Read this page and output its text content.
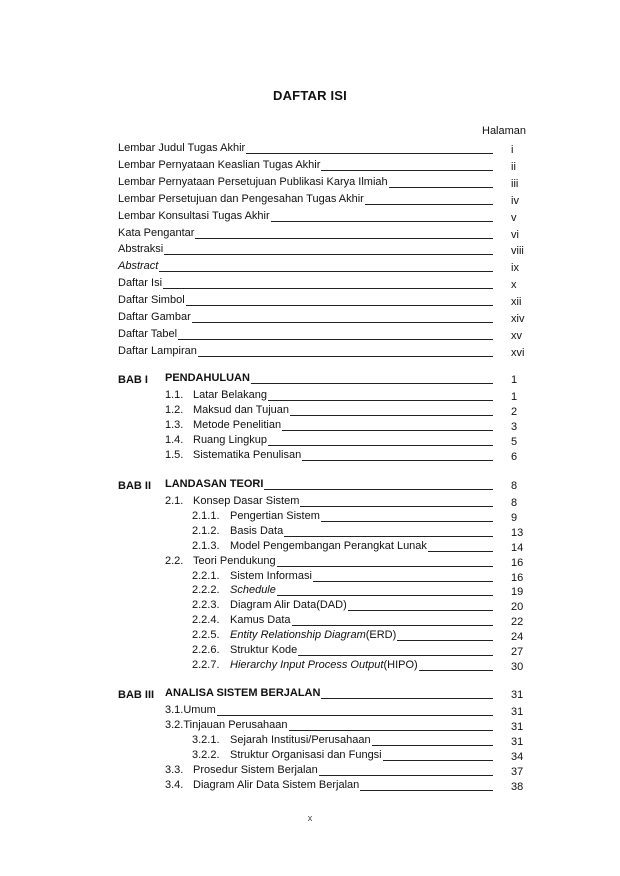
DAFTAR ISI
Halaman
Lembar Judul Tugas Akhir	i
Lembar Pernyataan Keaslian Tugas Akhir	ii
Lembar Pernyataan Persetujuan Publikasi Karya Ilmiah	iii
Lembar Persetujuan dan Pengesahan Tugas Akhir	iv
Lembar Konsultasi Tugas Akhir	v
Kata Pengantar	vi
Abstraksi	viii
Abstract	ix
Daftar Isi	x
Daftar Simbol	xii
Daftar Gambar	xiv
Daftar Tabel	xv
Daftar Lampiran	xvi
BAB I PENDAHULUAN	1
1.1. Latar Belakang	1
1.2. Maksud dan Tujuan	2
1.3. Metode Penelitian	3
1.4. Ruang Lingkup	5
1.5. Sistematika Penulisan	6
BAB II LANDASAN TEORI	8
2.1. Konsep Dasar Sistem	8
2.1.1. Pengertian Sistem	9
2.1.2. Basis Data	13
2.1.3. Model Pengembangan Perangkat Lunak	14
2.2. Teori Pendukung	16
2.2.1. Sistem Informasi	16
2.2.2. Schedule	19
2.2.3. Diagram Alir Data(DAD)	20
2.2.4. Kamus Data	22
2.2.5. Entity Relationship Diagram (ERD)	24
2.2.6. Struktur Kode	27
2.2.7. Hierarchy Input Process Output (HIPO)	30
BAB III ANALISA SISTEM BERJALAN	31
3.1. Umum	31
3.2. Tinjauan Perusahaan	31
3.2.1. Sejarah Institusi/Perusahaan	31
3.2.2. Struktur Organisasi dan Fungsi	34
3.3. Prosedur Sistem Berjalan	37
3.4. Diagram Alir Data Sistem Berjalan	38
x
